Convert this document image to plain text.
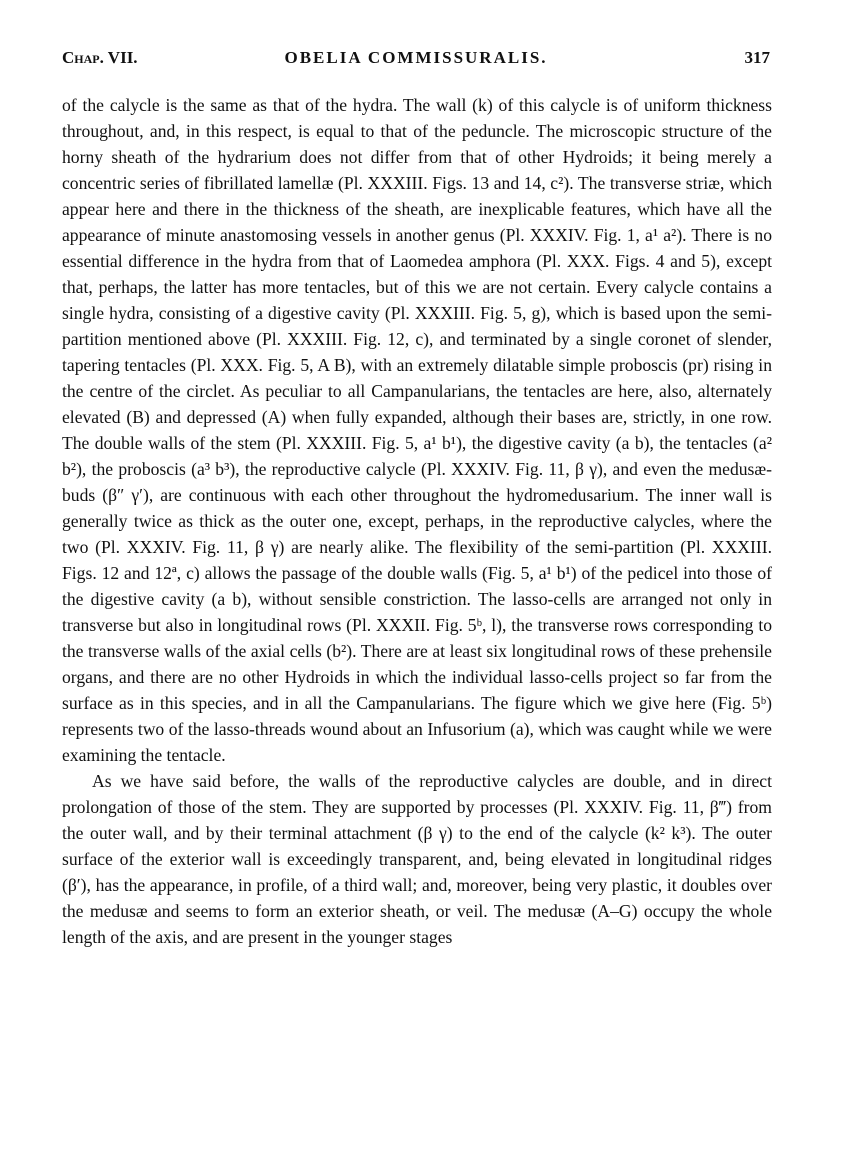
Chap. VII.	OBELIA COMMISSURALIS.	317

of the calycle is the same as that of the hydra. The wall (k) of this calycle is of uniform thickness throughout, and, in this respect, is equal to that of the peduncle. The microscopic structure of the horny sheath of the hydrarium does not differ from that of other Hydroids; it being merely a concentric series of fibrillated lamellæ (Pl. XXXIII. Figs. 13 and 14, c²). The transverse striæ, which appear here and there in the thickness of the sheath, are inexplicable features, which have all the appearance of minute anastomosing vessels in another genus (Pl. XXXIV. Fig. 1, a¹ a²). There is no essential difference in the hydra from that of Laomedea amphora (Pl. XXX. Figs. 4 and 5), except that, perhaps, the latter has more tentacles, but of this we are not certain. Every calycle contains a single hydra, consisting of a digestive cavity (Pl. XXXIII. Fig. 5, g), which is based upon the semi-partition mentioned above (Pl. XXXIII. Fig. 12, c), and terminated by a single coronet of slender, tapering tentacles (Pl. XXX. Fig. 5, A B), with an extremely dilatable simple proboscis (pr) rising in the centre of the circlet. As peculiar to all Campanularians, the tentacles are here, also, alternately elevated (B) and depressed (A) when fully expanded, although their bases are, strictly, in one row. The double walls of the stem (Pl. XXXIII. Fig. 5, a¹ b¹), the digestive cavity (a b), the tentacles (a² b²), the proboscis (a³ b³), the reproductive calycle (Pl. XXXIV. Fig. 11, β γ), and even the medusæ-buds (β″ γ′), are continuous with each other throughout the hydromedusarium. The inner wall is generally twice as thick as the outer one, except, perhaps, in the reproductive calycles, where the two (Pl. XXXIV. Fig. 11, β γ) are nearly alike. The flexibility of the semi-partition (Pl. XXXIII. Figs. 12 and 12ª, c) allows the passage of the double walls (Fig. 5, a¹ b¹) of the pedicel into those of the digestive cavity (a b), without sensible constriction. The lasso-cells are arranged not only in transverse but also in longitudinal rows (Pl. XXXII. Fig. 5ᵇ, l), the transverse rows corresponding to the transverse walls of the axial cells (b²). There are at least six longitudinal rows of these prehensile organs, and there are no other Hydroids in which the individual lasso-cells project so far from the surface as in this species, and in all the Campanularians. The figure which we give here (Fig. 5ᵇ) represents two of the lasso-threads wound about an Infusorium (a), which was caught while we were examining the tentacle.

As we have said before, the walls of the reproductive calycles are double, and in direct prolongation of those of the stem. They are supported by processes (Pl. XXXIV. Fig. 11, β‴) from the outer wall, and by their terminal attachment (β γ) to the end of the calycle (k² k³). The outer surface of the exterior wall is exceedingly transparent, and, being elevated in longitudinal ridges (β′), has the appearance, in profile, of a third wall; and, moreover, being very plastic, it doubles over the medusæ and seems to form an exterior sheath, or veil. The medusæ (A–G) occupy the whole length of the axis, and are present in the younger stages
